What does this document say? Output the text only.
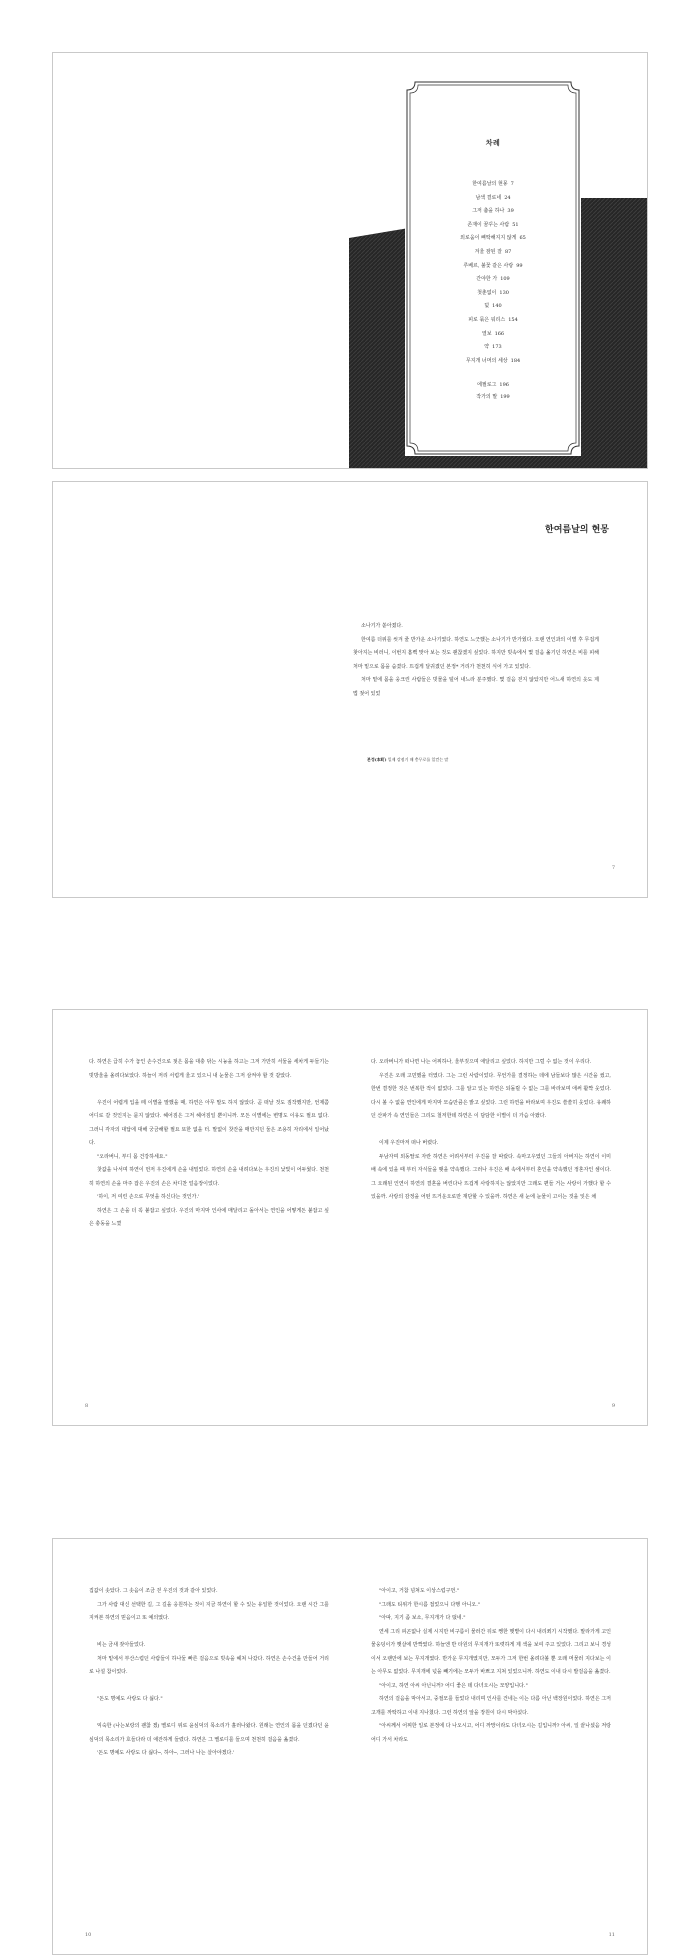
차례
한여름날의 현몽 7
남색 결로네 24
그저 춤을 하나 39
존재이 꿈꾸는 사람 51
외로움이 삐딱해지지 않게 65
겨울 잠된 잘 87
루베르, 불꽃 같은 사랑 99
간야한 가 109
첫춘없이 130
덫 140
피로 묶은 워리스 154
열보 166
약 173
무지개 너머의 세상 184
에필로그 196
작가의 말 199
한여름날의 현몽

소나기가 쏟아졌다.

한여름 더위를 씻겨 줄 반가운 소나기였다. 하연도 느긋했는 소나기가 반가웠다. 오랜 연인과의 이별 후 무겁게 찾아지는 비러니, 이번지 흠뻑 맞아 보는 것도 괜찮겠지 싶었다. 하지만 빗속에서 몇 걸음 옮기던 하연은 비를 피해 처마 밑으로 몸을 숨겼다. 뜨겁게 달궈졌던 본정* 거리가 천천히 식어 가고 있었다.

처마 밑에 몸을 웅크린 사람들은 빗물을 털어 내느라 분주했다. 몇 걸음 걷지 않았지만 어느새 하연의 옷도 제법 젖어 있었

본정(本町) 일제 강점기 때 충무로를 일컫는 말
7

다. 하연은 급히 수가 놓인 손수건으로 젖은 몸을 대충 닦는 시늉을 하고는 그저 가만히 서둘을 세차게 두들기는 빗방울을 올려다보았다. 하늘이 저리 서럽게 울고 있으니 내 눈물은 그저 삼켜야 할 것 같았다.

우진이 어렵게 입을 떼 이별을 말했을 때, 하연은 아무 말도 하지 않았다. 곧 떠날 것도 짐작했지만, 언제쯤 어디로 갈 것인지는 묻지 않았다. 헤어짐은 그저 헤어짐일 뿐이니까. 모든 이별에는 변명도 이유도 필요 없다. 그러니 각자의 대답에 대해 궁금해할 필요 또한 없을 터. 말없이 찻잔을 매만지던 둘은 조용히 자리에서 일어났다.

"오라버니, 부디 몸 건강하세요."

찻값을 나서며 하연이 먼저 우진에게 손을 내밀었다. 하연의 손을 내려다보는 우진의 낯빛이 어두웠다. 천천히 하연의 손을 마주 잡은 우진의 손은 차디찬 얼음장이었다.

'하이, 저 여린 손으로 무엇을 하신다는 것인가.'

하연은 그 손을 더 꼭 붙잡고 싶었다. 우진의 마지막 인사에 매달리고 돌아서는 연인을 어떻게든 붙잡고 싶은 충동을 느꼈

다. 오라버니가 떠나면 나는 어찌하나, 울부짖으며 애달리고 싶었다. 하지만 그럴 수 없는 것이 우리다.

우진은 오래 고민했을 터였다. 그는 그런 사람이었다. 무언가를 결정하는 데에 남들보다 많은 시간을 썼고, 한번 결정한 것은 번복한 적이 없었다. 그를 알고 있는 하연은 되돌릴 수 없는 그를 바라보며 애써 활짝 웃었다. 다시 볼 수 없을 연인에게 마지막 모습만큼은 밝고 싶었다. 그런 하연을 바라보며 우진도 쓸쓸히 웃었다. 유쾌하던 산파가 속 연인들은 그리도 철저한데 하연은 이 담담한 이별이 더 가슴 아팠다.

이제 우진마저 떠나 버렸다.

두남자며 외동딸로 자란 하연은 어려서부터 우진을 잘 따랐다. 속마고우였던 그들의 아버지는 하연이 이미 배 속에 있을 때 부터 자식들을 맺을 약속했다. 그러나 우진은 배 속에서부터 혼인을 약속했던 정혼자인 셈이다. 그 오래된 인연이 하연의 결혼을 버린다나 뜨겁게 사랑하지는 않았지만 그래도 편들 거는 사랑이 가했다 할 수 있을까. 사랑의 감정을 어떤 뜨거운오로만 재단할 수 있을까. 하연은 새 눈에 눈물이 고이는 것을 잊은 채

8	9

집값이 솟았다. 그 솟음이 조금 걷 우진의 것과 같아 있었다.

그가 사람 대신 선택한 길, 그 길을 응원하는 것이 지금 하연이 할 수 있는 유일한 것이었다. 오랜 시간 그를 지켜본 하연의 믿음이고 또 예의였다.

비는 금새 잦아들었다.

처마 밑에서 부산스럽던 사람들이 하나둘 빠른 걸음으로 빗속을 헤쳐 나갔다. 하연은 손수건을 만들어 거리로 나설 참이었다.

"돈도 명예도 사랑도 다 싫다."

익숙한 (나는보랑의 괜찮 겠) 멜로디 위로 윤심덕의 목소리가 흘러나왔다. 원래는 연인의 몸을 던졌다던 윤심덕의 목소리가 호들다라 더 애잔하게 들렸다. 하연은 그 멜로디를 들으며 천천히 걸음을 옮겼다.

'돈도 명예도 사랑도 다 싫다─, 하아─, 그러나 나는 살아야겠다.'

"아이고, 거참 넘쳐도 이상스럽구먼."

"그래도 티위가 한시름 접었으니 다행 아니오."

"아따, 지기 좀 보소, 무지개가 다 떴네."

연세 그리 피곤없나 실제 시지만 비구름이 물러간 뒤로 쨍한 햇볕이 다시 내리쬐기 시작했다. 말라가게 고인 물웅덩이가 햇살에 반짝였다. 하늘엔 반 타원의 무지개가 또렷하게 제 색을 보여 주고 있었다. 그리고 보니 경성이서 오랜만에 보는 무지개였다. 반가운 무지개였지만, 모두가 그저 한번 올려다볼 뿐 오래 머물러 지다보는 이는 아무도 없었다. 무지개에 넋을 빼기에는 모두가 바쁘고 지쳐 있었으니까. 하연도 이내 다시 발걸음을 옮겼다.

"아이고, 하연 아씨 아닌니꺼? 어디 좋은 데 다녀오시는 모양입니다."

하연의 걸음을 막아서고, 중절모를 들었다 내리며 인사를 건네는 이는 다름 아닌 백장원이었다. 하연은 그저 고개를 까딱하고 이내 지나쳤다. 그런 하연의 앞을 장원이 다시 막아섰다.

"아씨께서 어찌한 일로 본정에 다 나오시고, 어디 까망이라도 다녀오시는 길입니까? 아씨, 일 끝나셨음 저랑 어디 가서 차라도

10	11
